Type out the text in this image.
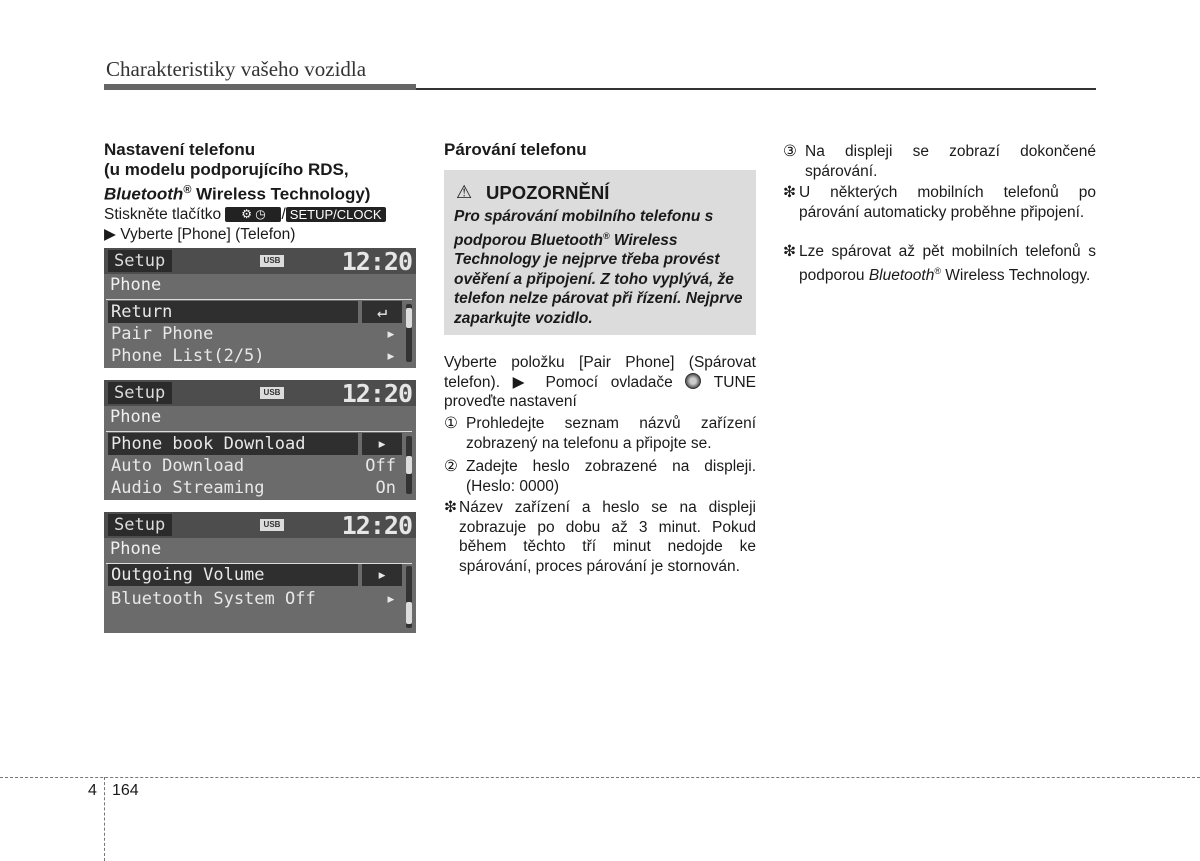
Charakteristiky vašeho vozidla
Nastavení telefonu
(u modelu podporujícího RDS,
Bluetooth® Wireless Technology)
Stiskněte tlačítko ⚙ ◷ / SETUP/CLOCK
▶ Vyberte [Phone] (Telefon)
Setup	USB 12:20
Phone
Return	↵
Pair Phone	▸
Phone List(2/5)	▸
Setup	USB 12:20
Phone
Phone book Download	▸
Auto Download	Off
Audio Streaming	On
Setup	USB 12:20
Phone
Outgoing Volume	▸
Bluetooth System Off	▸
Párování telefonu
⚠ UPOZORNĚNÍ
Pro spárování mobilního telefonu s podporou Bluetooth® Wireless Technology je nejprve třeba provést ověření a připojení. Z toho vyplývá, že telefon nelze párovat při řízení. Nejprve zaparkujte vozidlo.
Vyberte položku [Pair Phone] (Spárovat telefon). ▶ Pomocí ovladače  TUNE proveďte nastavení
① Prohledejte seznam názvů zařízení zobrazený na telefonu a připojte se.
② Zadejte heslo zobrazené na displeji. (Heslo: 0000)
❇ Název zařízení a heslo se na displeji zobrazuje po dobu až 3 minut. Pokud během těchto tří minut nedojde ke spárování, proces párování je stornován.
③ Na displeji se zobrazí dokončené spárování.
❇ U některých mobilních telefonů po párování automaticky proběhne připojení.
❇ Lze spárovat až pět mobilních telefonů s podporou Bluetooth® Wireless Technology.
4 164
